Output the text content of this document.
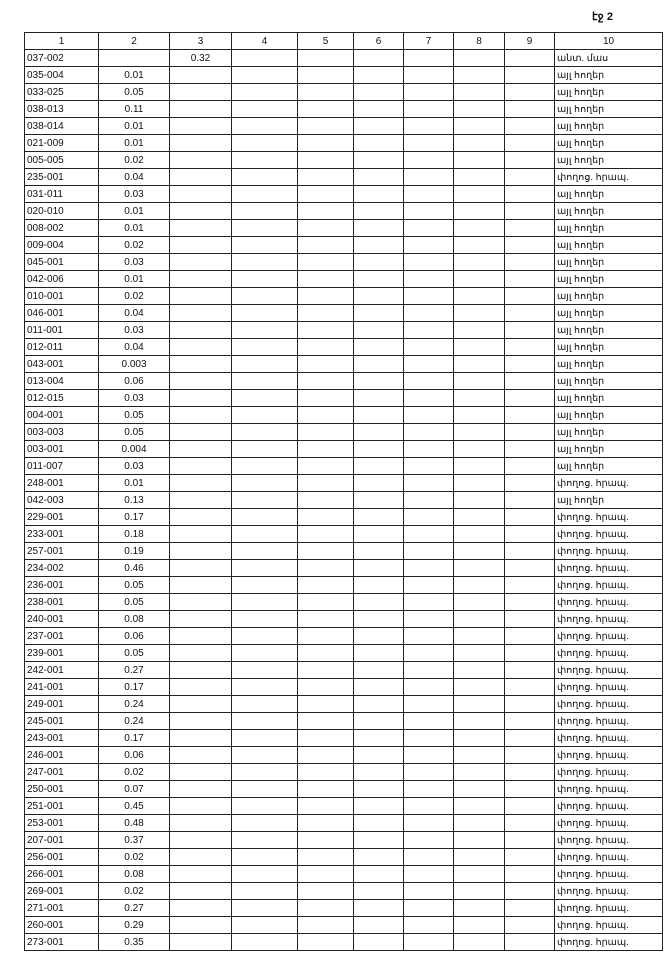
էջ 2
1	2	3	4	5	6	7	8	9	10
037-002		0.32							անտ. մաս
035-004	0.01								այլ հողեր
033-025	0.05								այլ հողեր
038-013	0.11								այլ հողեր
038-014	0.01								այլ հողեր
021-009	0.01								այլ հողեր
005-005	0.02								այլ հողեր
235-001	0.04								փողոց. հրապ.
031-011	0.03								այլ հողեր
020-010	0.01								այլ հողեր
008-002	0.01								այլ հողեր
009-004	0.02								այլ հողեր
045-001	0.03								այլ հողեր
042-006	0.01								այլ հողեր
010-001	0.02								այլ հողեր
046-001	0.04								այլ հողեր
011-001	0.03								այլ հողեր
012-011	0.04								այլ հողեր
043-001	0.003								այլ հողեր
013-004	0.06								այլ հողեր
012-015	0.03								այլ հողեր
004-001	0.05								այլ հողեր
003-003	0.05								այլ հողեր
003-001	0.004								այլ հողեր
011-007	0.03								այլ հողեր
248-001	0.01								փողոց. հրապ.
042-003	0.13								այլ հողեր
229-001	0.17								փողոց. հրապ.
233-001	0.18								փողոց. հրապ.
257-001	0.19								փողոց. հրապ.
234-002	0.46								փողոց. հրապ.
236-001	0.05								փողոց. հրապ.
238-001	0.05								փողոց. հրապ.
240-001	0.08								փողոց. հրապ.
237-001	0.06								փողոց. հրապ.
239-001	0.05								փողոց. հրապ.
242-001	0.27								փողոց. հրապ.
241-001	0.17								փողոց. հրապ.
249-001	0.24								փողոց. հրապ.
245-001	0.24								փողոց. հրապ.
243-001	0.17								փողոց. հրապ.
246-001	0.06								փողոց. հրապ.
247-001	0.02								փողոց. հրապ.
250-001	0.07								փողոց. հրապ.
251-001	0.45								փողոց. հրապ.
253-001	0.48								փողոց. հրապ.
207-001	0.37								փողոց. հրապ.
256-001	0.02								փողոց. հրապ.
266-001	0.08								փողոց. հրապ.
269-001	0.02								փողոց. հրապ.
271-001	0.27								փողոց. հրապ.
260-001	0.29								փողոց. հրապ.
273-001	0.35								փողոց. հրապ.
